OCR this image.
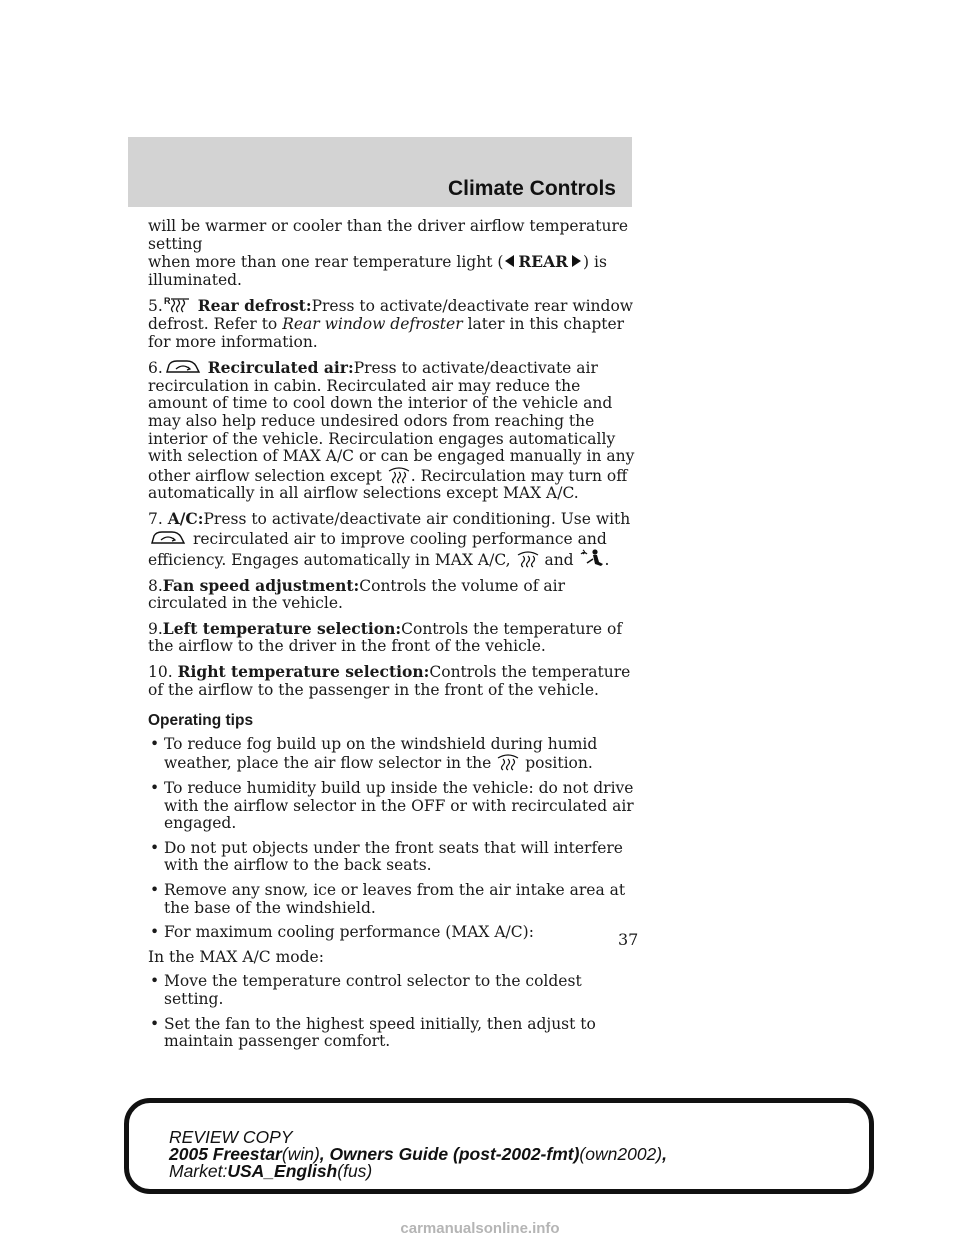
Climate Controls

will be warmer or cooler than the driver airflow temperature setting
when more than one rear temperature light ( REAR ) is
illuminated.

5. R Rear defrost:Press to activate/deactivate rear window defrost. Refer to Rear window defroster later in this chapter for more information.

6.	Recirculated air:Press to activate/deactivate air recirculation in cabin. Recirculated air may reduce the amount of time to cool down the interior of the vehicle and may also help reduce undesired odors from reaching the interior of the vehicle. Recirculation engages automatically with selection of MAX A/C or can be engaged manually in any other airflow selection except . Recirculation may turn off automatically in all airflow selections except MAX A/C.

7. A/C:Press to activate/deactivate air conditioning. Use with  recirculated air to improve cooling performance and efficiency. Engages automatically in MAX A/C, and .

8.Fan speed adjustment:Controls the volume of air circulated in the vehicle.

9.Left temperature selection:Controls the temperature of the airflow to the driver in the front of the vehicle.

10. Right temperature selection:Controls the temperature of the airflow to the passenger in the front of the vehicle.

Operating tips

• To reduce fog build up on the windshield during humid weather, place the air flow selector in the position.

• To reduce humidity build up inside the vehicle: do not drive with the airflow selector in the OFF or with recirculated air engaged.

• Do not put objects under the front seats that will interfere with the airflow to the back seats.

• Remove any snow, ice or leaves from the air intake area at the base of the windshield.

• For maximum cooling performance (MAX A/C):

In the MAX A/C mode:

• Move the temperature control selector to the coldest setting.

• Set the fan to the highest speed initially, then adjust to maintain passenger comfort.

37
REVIEW COPY
2005 Freestar(win), Owners Guide (post-2002-fmt)(own2002),
Market:USA_English(fus)
carmanualsonline.info
